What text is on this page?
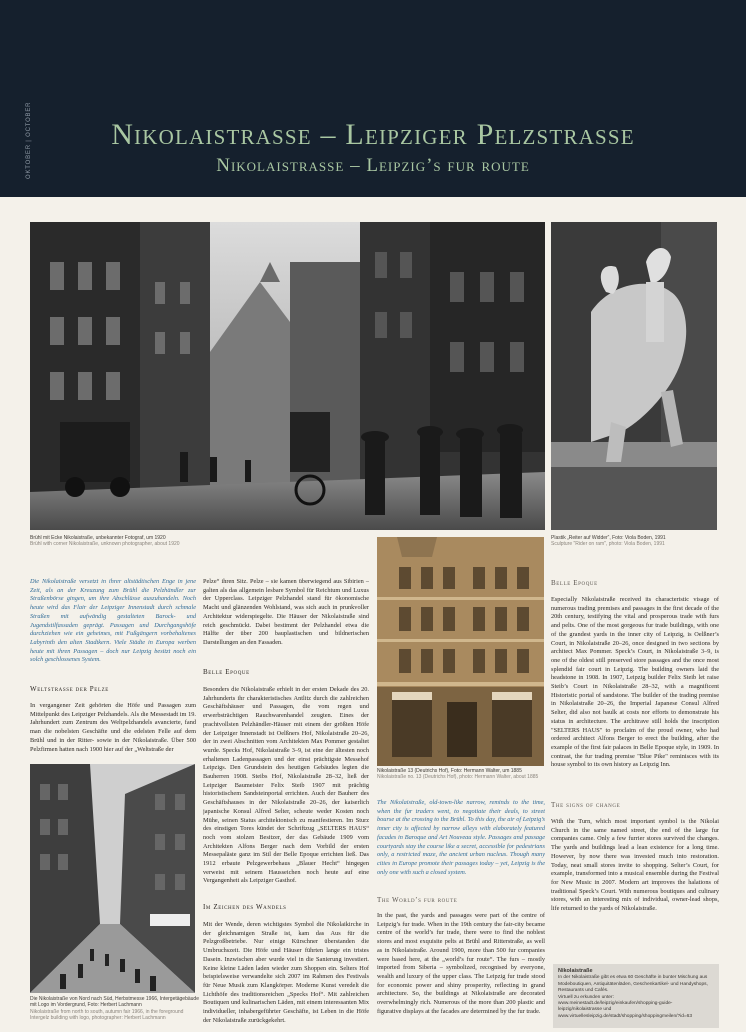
OKTOBER | OCTOBER	Nikolaistrasse – Leipziger Pelzstrasse
Nikolaistrasse – Leipzig’s fur route
Brühl mit Ecke Nikolaistraße, unbekannter Fotograf, um 1920
Brühl with corner Nikolaistraße, unknown photographer, about 1920
Plastik „Reiter auf Widder“, Foto: Viola Boden, 1991
Sculpture "Rider on ram", photo: Viola Boden, 1991
Nikolaistraße 13 (Deutrichs Hof), Foto: Hermann Walter, um 1885
Nikolaistraße no. 13 (Deutrichs Hof), photo: Hermann Walter, about 1885
Die Nikolaistraße von Nord nach Süd, Herbstmesse 1966, Intergetägebäude mit Logo im Vordergrund, Foto: Herbert Lachmann
Nikolaistraße from north to south, autumn fair 1966, in the foreground Intergelz building with logo, photographer: Herbert Lachmann
Die Nikolaistraße versetzt in ihrer altstädtischen Enge in jene Zeit, als an der Kreuzung zum Brühl die Pelzhändler zur Straßenbörse gingen, um ihre Abschlüsse auszuhandeln. Noch heute wird das Flair der Leipziger Innenstadt durch schmale Straßen mit aufwändig gestalteten Barock- und Jugendstilfassaden geprägt. Passagen und Durchgangshöfe durchziehen wie ein geheimes, mit Fußgängern vorbehaltenes Labyrinth den alten Stadtkern. Viele Städte in Europa werben heute mit ihren Passagen – doch nur Leipzig besitzt noch ein solch geschlossenes System.
Weltstrasse der Pelze
In vergangener Zeit gehörten die Höfe und Passagen zum Mittelpunkt des Leipziger Pelzhandels. Als die Messestadt im 19. Jahrhundert zum Zentrum des Weltpelzhandels avancierte, fand man die nobelsten Geschäfte und die edelsten Felle auf dem Brühl und in der Ritter- sowie in der Nikolaistraße. Über 500 Pelzfirmen hatten nach 1900 hier auf der „Weltstraße der
Pelze“ ihren Sitz. Pelze – sie kamen überwiegend aus Sibirien – galten als das allgemein lesbare Symbol für Reichtum und Luxus der Upperclass. Leipziger Pelzhandel stand für ökonomische Macht und glänzenden Wohlstand, was sich auch in prunkvoller Architektur widerspiegelte. Die Häuser der Nikolaistraße sind reich geschmückt. Dabei bestimmt der Pelzhandel etwa die Hälfte der über 200 bauplastischen und bildnerischen Darstellungen an den Fassaden.
Belle Epoque
Besonders die Nikolaistraße erhielt in der ersten Dekade des 20. Jahrhunderts ihr charakteristisches Antlitz durch die zahlreichen Geschäftshäuser und Passagen, die vom regen und erwerbsträchtigen Rauchwarenhandel zeugten. Eines der prachtvollsten Pelzhändler-Häuser mit einem der größten Höfe der Leipziger Innenstadt ist Oelßners Hof, Nikolaistraße 20–26, der in zwei Abschnitten vom Architekten Max Pommer gestaltet wurde. Specks Hof, Nikolaistraße 3–9, ist eine der ältesten noch erhaltenen Ladenpassagen und der einst prächtigste Messehof Leipzigs. Den Grundstein des heutigen Gebäudes legten die Bauherren 1908. Steibs Hof, Nikolaistraße 28–32, ließ der Leipziger Baumeister Felix Steib 1907 mit prächtig historistischem Sandsteinportal errichten. Auch der Bauherr des Geschäftshauses in der Nikolaistraße 20–26, der kaiserlich japanische Konsul Alfred Selter, scheute weder Kosten noch Mühe, seinen Status architektonisch zu manifestieren. Im Sturz des einstigen Tores kündet der Schriftzug „SELTERS HAUS“ noch vom stolzen Besitzer, der das Gebäude 1909 vom Architekten Alfons Berger nach dem Vorbild der ersten Messepaläste ganz im Stil der Belle Epoque errichten ließ. Das 1912 erbaute Pelzgewerbehaus „Blauer Hecht“ hingegen verweist mit seinem Hausseichen noch heute auf eine Vergangenheit als Leipziger Gasthof.
Im Zeichen des Wandels
Mit der Wende, deren wichtigstes Symbol die Nikolaikirche in der gleichnamigen Straße ist, kam das Aus für die Pelzgroßbetriebe. Nur einige Kürschner überstanden die Umbruchszeit. Die Höfe und Häuser führten lange ein tristes Dasein. Inzwischen aber wurde viel in die Sanierung investiert. Keine kleine Läden laden wieder zum Shoppen ein. Selters Hof beispielsweise verwandelte sich 2007 im Rahmen des Festivals für Neue Musik zum Klangkörper. Moderne Kunst veredelt die Lichthöfe des traditionsreichen „Specks Hof“. Mit zahlreichen Boutiquen und kulinarischen Läden, mit einem interessanten Mix individueller, inhabergeführter Geschäfte, ist Leben in die Höfe der Nikolaistraße zurückgekehrt.
The Nikolaistraße, old-town-like narrow, reminds to the time, when the fur traders went, to negotiate their deals, to street bourse at the crossing to the Brühl. To this day, the air of Leipzig’s inner city is affected by narrow alleys with elaborately featured facades in Baroque and Art Nouveau style. Passages and passage courtyards stay the course like a secret, accessible for pedestrians only, a restricted maze, the ancient urban nucleus. Though many cities in Europe promote their passages today – yet, Leipzig is the only one with such a closed system.
The World’s fur route
In the past, the yards and passages were part of the centre of Leipzig’s fur trade. When in the 19th century the fair-city became centre of the world’s fur trade, there were to find the noblest stores and most exquisite pelts at Brühl and Ritterstraße, as well as in Nikolaistraße. Around 1900, more than 500 fur companies were based here, at the „world’s fur route“. The furs – mostly imported from Siberia – symbolized, recognised by everyone, wealth and luxury of the upper class. The Leipzig fur trade stood for economic power and shiny prosperity, reflecting in grand architecture. So, the buildings at Nikolaistraße are decorated overwhelmingly rich. Numerous of the more than 200 plastic and figurative displays at the facades are determined by the fur trade.
Belle Epoque
Especially Nikolaistraße received its characteristic visage of numerous trading premises and passages in the first decade of the 20th century, testifying the vital and prosperous trade with furs and pelts. One of the most gorgeous fur trade buildings, with one of the grandest yards in the inner city of Leipzig, is Oelßner’s Court, in Nikolaistraße 20–26, once designed in two sections by architect Max Pommer. Speck’s Court, in Nikolaistraße 3–9, is one of the oldest still preserved store passages and the once most splendid fair court in Leipzig. The building owners laid the headstone in 1908. In 1907, Leipzig builder Felix Steib let raise Steib’s Court in Nikolaistraße 28–32, with a magnificent Historistic portal of sandstone. The builder of the trading premise in Nikolaistraße 20–26, the Imperial Japanese Consul Alfred Selter, did also not baulk at costs nor efforts to demonstrate his status in architecture. The architrave still holds the inscription "SELTERS HAUS" to proclaim of the proud owner, who had ordered architect Alfons Berger to erect the building, after the example of the first fair palaces in Belle Epoque style, in 1909. In contrast, the fur trading premise "Blue Pike" reminisces with its house symbol to its own history as Leipzig Inn.
The signs of change
With the Turn, which most important symbol is the Nikolai Church in the same named street, the end of the large fur companies came. Only a few furrier stores survived the changes. The yards and buildings lead a lean existence for a long time. However, by now there was invested much into restoration. Today, neat small stores invite to shopping. Selter’s Court, for example, transformed into a musical ensemble during the Festival for New Music in 2007. Modern art improves the halations of traditional Speck’s Court. With numerous boutiques and culinary stores, with an interesting mix of individual, owner-lead shops, life returned to the yards of Nikolaistraße.
Nikolaistraße
In der Nikolaistraße gibt es etwa 60 Geschäfte in bunter Mischung aus Modeboutiquen, Antiquitätenläden, Geschenkartikel- und Handyshops, Restaurants und Cafés.
Virtuell zu erkunden unter: www.meinestadt.de/leipzig/einkaufen/shopping-guide-leipzig/nikolaistrasse und www.virtuellesleipzig.de/stadt/shopping/shoppingmeilen/?id=63
